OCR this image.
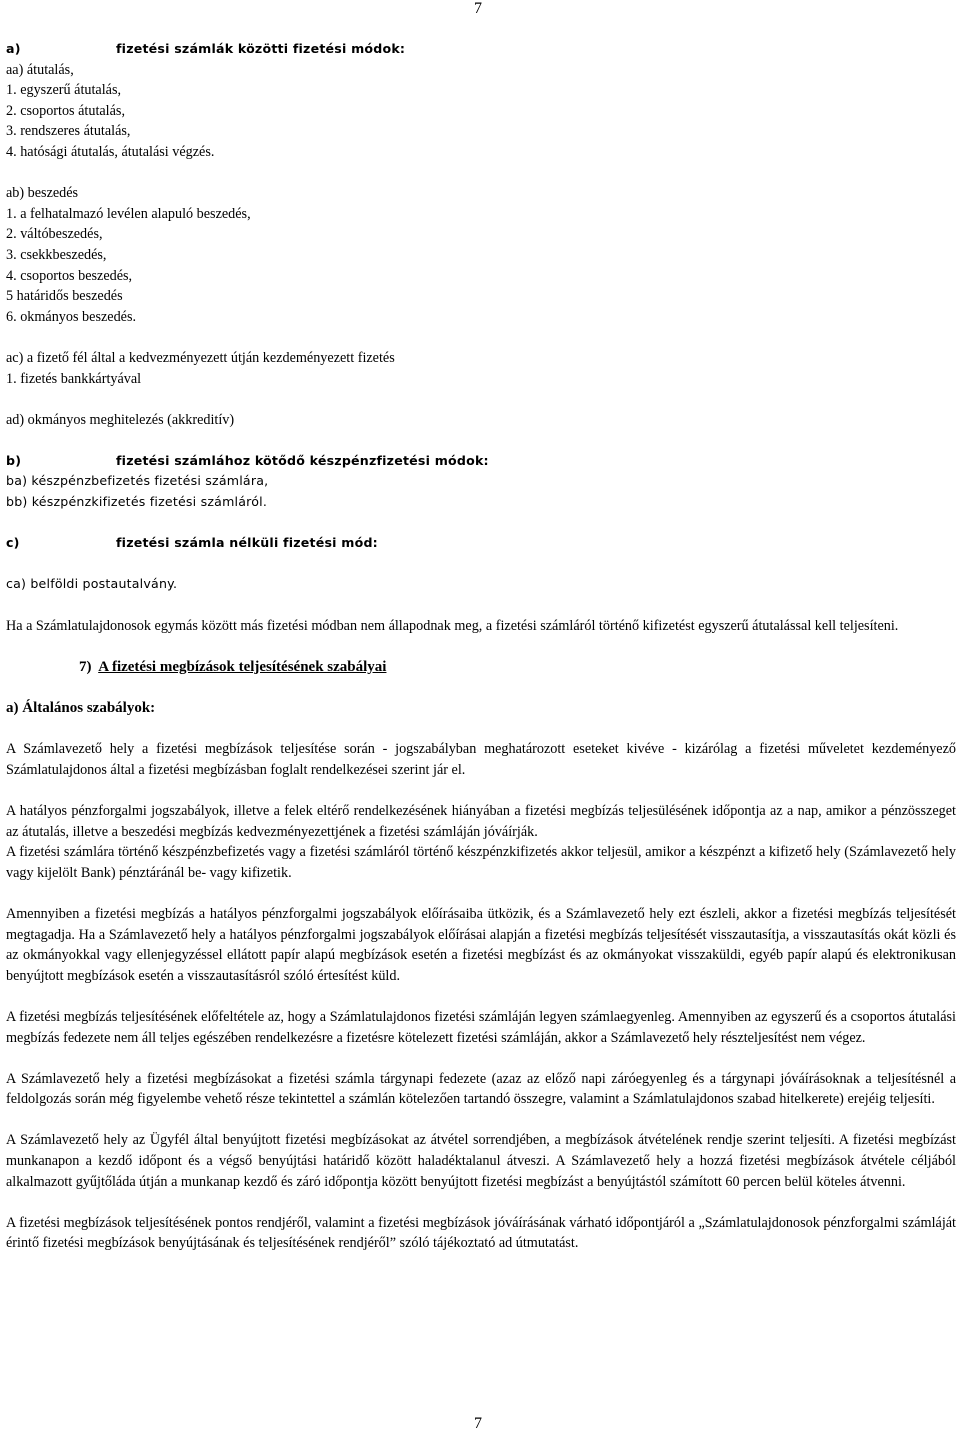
7
a)	fizetési számlák közötti fizetési módok:
aa) átutalás,
1. egyszerű átutalás,
2. csoportos átutalás,
3. rendszeres átutalás,
4. hatósági átutalás, átutalási végzés.
ab) beszedés
1. a felhatalmazó levélen alapuló beszedés,
2. váltóbeszedés,
3. csekkbeszedés,
4. csoportos beszedés,
5 határidős beszedés
6. okmányos beszedés.
ac) a fizető fél által a kedvezményezett útján kezdeményezett fizetés
1. fizetés bankkártyával
ad) okmányos meghitelezés (akkreditív)
b)	fizetési számlához kötődő készpénzfizetési módok:
ba) készpénzbefizetés fizetési számlára,
bb) készpénzkifizetés fizetési számláról.
c)	fizetési számla nélküli fizetési mód:
ca) belföldi postautalvány.

Ha a Számlatulajdonosok egymás között más fizetési módban nem állapodnak meg, a fizetési számláról történő kifizetést egyszerű átutalással kell teljesíteni.

7) A fizetési megbízások teljesítésének szabályai
a) Általános szabályok:

A Számlavezető hely a fizetési megbízások teljesítése során - jogszabályban meghatározott eseteket kivéve - kizárólag a fizetési műveletet kezdeményező Számlatulajdonos által a fizetési megbízásban foglalt rendelkezései szerint jár el.

A hatályos pénzforgalmi jogszabályok, illetve a felek eltérő rendelkezésének hiányában a fizetési megbízás teljesülésének időpontja az a nap, amikor a pénzösszeget az átutalás, illetve a beszedési megbízás kedvezményezettjének a fizetési számláján jóváírják.

A fizetési számlára történő készpénzbefizetés vagy a fizetési számláról történő készpénzkifizetés akkor teljesül, amikor a készpénzt a kifizető hely (Számlavezető hely vagy kijelölt Bank) pénztáránál be- vagy kifizetik.

Amennyiben a fizetési megbízás a hatályos pénzforgalmi jogszabályok előírásaiba ütközik, és a Számlavezető hely ezt észleli, akkor a fizetési megbízás teljesítését megtagadja. Ha a Számlavezető hely a hatályos pénzforgalmi jogszabályok előírásai alapján a fizetési megbízás teljesítését visszautasítja, a visszautasítás okát közli és az okmányokkal vagy ellenjegyzéssel ellátott papír alapú megbízások esetén a fizetési megbízást és az okmányokat visszaküldi, egyéb papír alapú és elektronikusan benyújtott megbízások esetén a visszautasításról szóló értesítést küld.

A fizetési megbízás teljesítésének előfeltétele az, hogy a Számlatulajdonos fizetési számláján legyen számlaegyenleg. Amennyiben az egyszerű és a csoportos átutalási megbízás fedezete nem áll teljes egészében rendelkezésre a fizetésre kötelezett fizetési számláján, akkor a Számlavezető hely részteljesítést nem végez.

A Számlavezető hely a fizetési megbízásokat a fizetési számla tárgynapi fedezete (azaz az előző napi záróegyenleg és a tárgynapi jóváírásoknak a teljesítésnél a feldolgozás során még figyelembe vehető része tekintettel a számlán kötelezően tartandó összegre, valamint a Számlatulajdonos szabad hitelkerete) erejéig teljesíti.

A Számlavezető hely az Ügyfél által benyújtott fizetési megbízásokat az átvétel sorrendjében, a megbízások átvételének rendje szerint teljesíti. A fizetési megbízást munkanapon a kezdő időpont és a végső benyújtási határidő között haladéktalanul átveszi. A Számlavezető hely a hozzá fizetési megbízások átvétele céljából alkalmazott gyűjtőláda útján a munkanap kezdő és záró időpontja között benyújtott fizetési megbízást a benyújtástól számított 60 percen belül köteles átvenni.

A fizetési megbízások teljesítésének pontos rendjéről, valamint a fizetési megbízások jóváírásának várható időpontjáról a „Számlatulajdonosok pénzforgalmi számláját érintő fizetési megbízások benyújtásának és teljesítésének rendjéről” szóló tájékoztató ad útmutatást.

7
